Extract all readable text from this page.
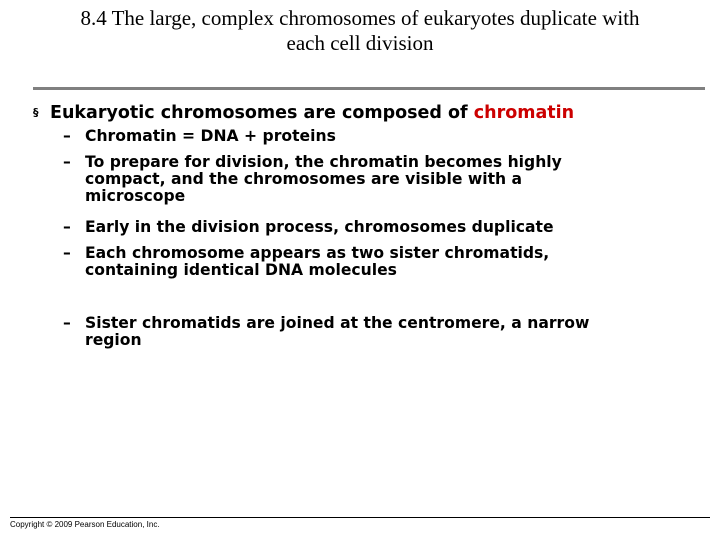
8.4 The large, complex chromosomes of eukaryotes duplicate with
each cell division
§ Eukaryotic chromosomes are composed of chromatin
– Chromatin = DNA + proteins
– To prepare for division, the chromatin becomes highly
compact, and the chromosomes are visible with a
microscope
– Early in the division process, chromosomes duplicate
– Each chromosome appears as two sister chromatids,
containing identical DNA molecules
– Sister chromatids are joined at the centromere, a narrow
region
Copyright © 2009 Pearson Education, Inc.
